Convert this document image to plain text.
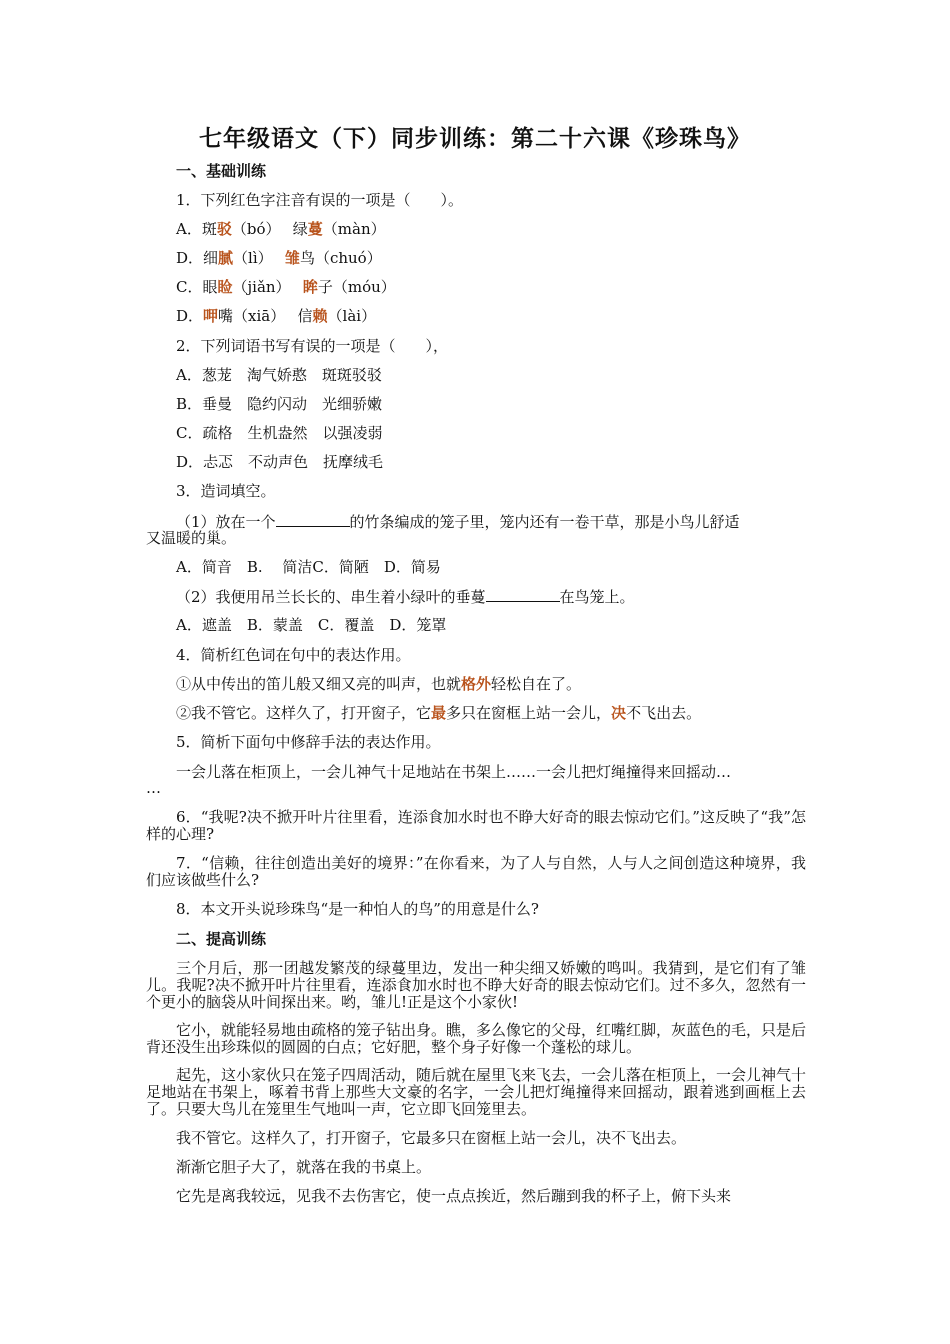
七年级语文（下）同步训练：第二十六课《珍珠鸟》
一、基础训练
1．下列红色字注音有误的一项是（　　）。
A．斑驳（bó）　 绿蔓（màn）
D．细腻（lì）　 雏鸟（chuó）
C．眼睑（jiǎn）　 眸子（móu）
D．呷嘴（xiā）　 信赖（lài）
2．下列词语书写有误的一项是（　　），
A．葱茏　淘气娇憨　斑斑驳驳
B．垂曼　隐约闪动　光细骄嫩
C．疏格　生机盎然　以强凌弱
D．忐忑　不动声色　抚摩绒毛
3．造词填空。
（1）放在一个	的竹条编成的笼子里，笼内还有一卷干草，那是小鸟儿舒适
又温暖的巢。
A．简音　B.　 简洁C．简陋　D．简易
（2）我便用吊兰长长的、串生着小绿叶的垂蔓	在鸟笼上。
A．遮盖　B．蒙盖　C．覆盖　D．笼罩
4．简析红色词在句中的表达作用。
①从中传出的笛儿般又细又亮的叫声，也就格外轻松自在了。
②我不管它。这样久了，打开窗子，它最多只在窗框上站一会儿，决不飞出去。
5．简析下面句中修辞手法的表达作用。
一会儿落在柜顶上，一会儿神气十足地站在书架上……一会儿把灯绳撞得来回摇动…
…
6．“我呢?决不掀开叶片往里看，连添食加水时也不睁大好奇的眼去惊动它们。”这反映了“我”怎样的心理?
7．“信赖，往往创造出美好的境界：”在你看来，为了人与自然，人与人之间创造这种境界，我们应该做些什么?
8．本文开头说珍珠鸟“是一种怕人的鸟”的用意是什么?
二、提高训练
三个月后，那一团越发繁茂的绿蔓里边，发出一种尖细又娇嫩的鸣叫。我猜到，是它们有了雏儿。我呢?决不掀开叶片往里看，连添食加水时也不睁大好奇的眼去惊动它们。过不多久，忽然有一个更小的脑袋从叶间探出来。哟，雏儿!正是这个小家伙!
它小，就能轻易地由疏格的笼子钻出身。瞧，多么像它的父母，红嘴红脚，灰蓝色的毛，只是后背还没生出珍珠似的圆圆的白点；它好肥，整个身子好像一个蓬松的球儿。
起先，这小家伙只在笼子四周活动，随后就在屋里飞来飞去，一会儿落在柜顶上，一会儿神气十足地站在书架上，啄着书背上那些大文豪的名字，一会儿把灯绳撞得来回摇动，跟着逃到画框上去了。只要大鸟儿在笼里生气地叫一声，它立即飞回笼里去。
我不管它。这样久了，打开窗子，它最多只在窗框上站一会儿，决不飞出去。
渐渐它胆子大了，就落在我的书桌上。
它先是离我较远，见我不去伤害它，使一点点挨近，然后蹦到我的杯子上，俯下头来
